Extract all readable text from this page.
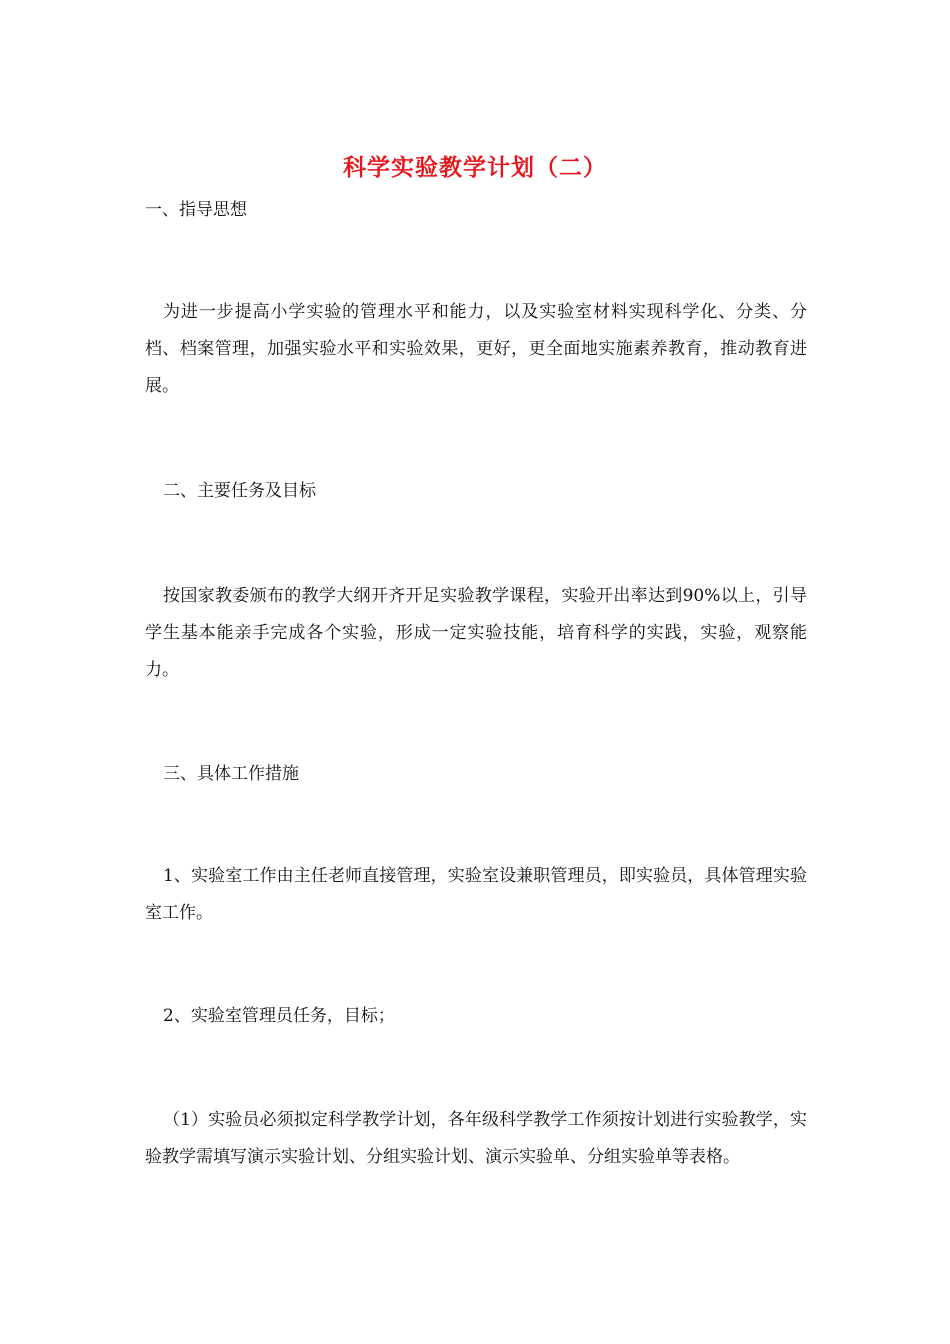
科学实验教学计划（二）
一、指导思想
为进一步提高小学实验的管理水平和能力，以及实验室材料实现科学化、分类、分档、档案管理，加强实验水平和实验效果，更好，更全面地实施素养教育，推动教育进展。
二、主要任务及目标
按国家教委颁布的教学大纲开齐开足实验教学课程，实验开出率达到90%以上，引导学生基本能亲手完成各个实验，形成一定实验技能，培育科学的实践，实验，观察能力。
三、具体工作措施
1、实验室工作由主任老师直接管理，实验室设兼职管理员，即实验员，具体管理实验室工作。
2、实验室管理员任务，目标；
（1）实验员必须拟定科学教学计划，各年级科学教学工作须按计划进行实验教学，实验教学需填写演示实验计划、分组实验计划、演示实验单、分组实验单等表格。
